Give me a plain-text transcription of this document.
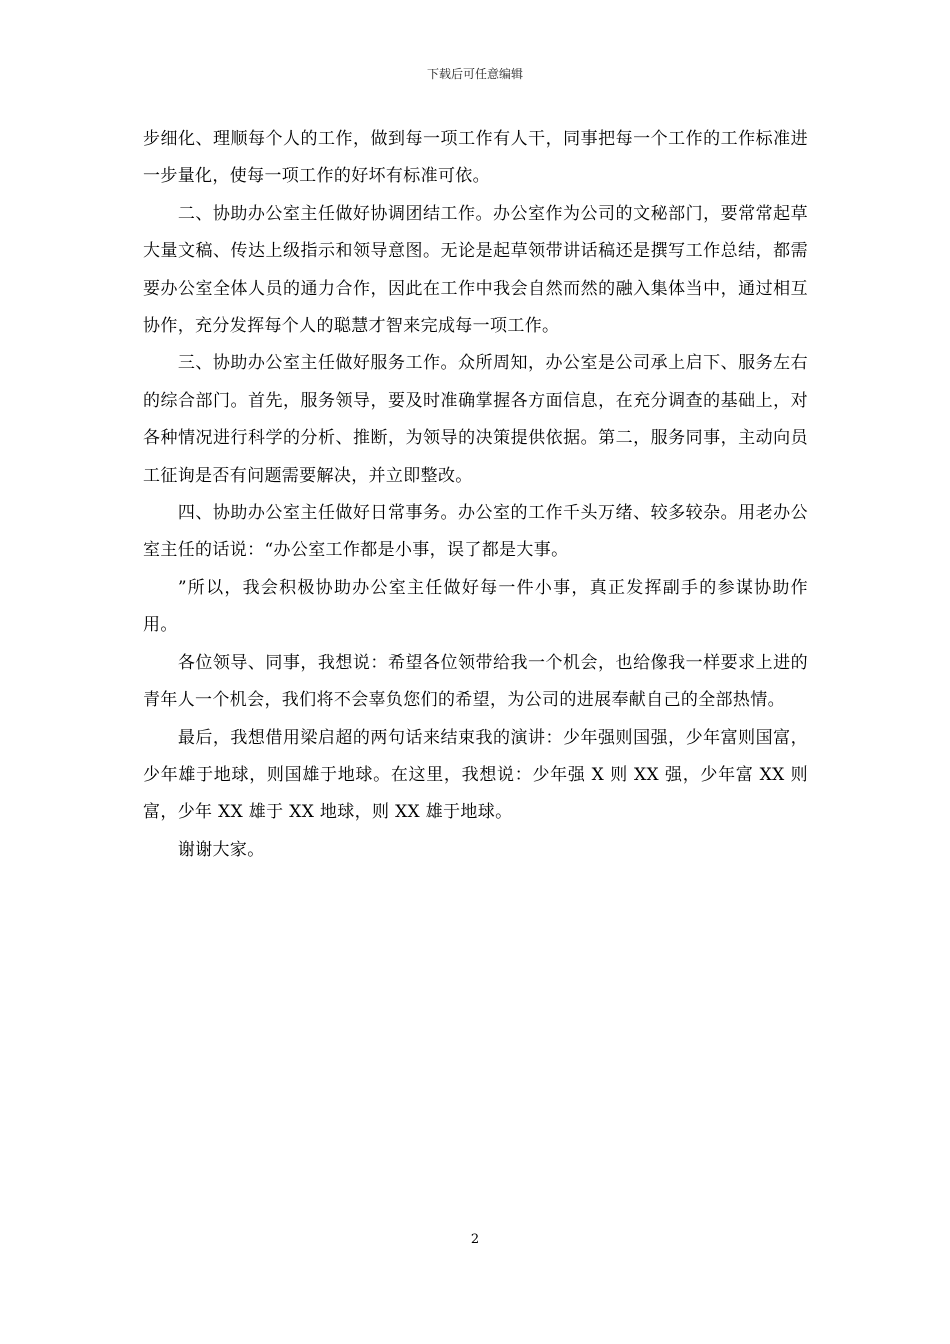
下载后可任意编辑

步细化、理顺每个人的工作，做到每一项工作有人干，同事把每一个工作的工作标准进一步量化，使每一项工作的好坏有标准可依。

二、协助办公室主任做好协调团结工作。办公室作为公司的文秘部门，要常常起草大量文稿、传达上级指示和领导意图。无论是起草领带讲话稿还是撰写工作总结，都需要办公室全体人员的通力合作，因此在工作中我会自然而然的融入集体当中，通过相互协作，充分发挥每个人的聪慧才智来完成每一项工作。

三、协助办公室主任做好服务工作。众所周知，办公室是公司承上启下、服务左右的综合部门。首先，服务领导，要及时准确掌握各方面信息，在充分调查的基础上，对各种情况进行科学的分析、推断，为领导的决策提供依据。第二，服务同事，主动向员工征询是否有问题需要解决，并立即整改。

四、协助办公室主任做好日常事务。办公室的工作千头万绪、较多较杂。用老办公室主任的话说：“办公室工作都是小事，误了都是大事。

”所以，我会积极协助办公室主任做好每一件小事，真正发挥副手的参谋协助作用。

各位领导、同事，我想说：希望各位领带给我一个机会，也给像我一样要求上进的青年人一个机会，我们将不会辜负您们的希望，为公司的进展奉献自己的全部热情。

最后，我想借用梁启超的两句话来结束我的演讲：少年强则国强，少年富则国富，少年雄于地球，则国雄于地球。在这里，我想说：少年强 X 则 XX 强，少年富 XX 则富，少年 XX 雄于 XX 地球，则 XX 雄于地球。

谢谢大家。

2
